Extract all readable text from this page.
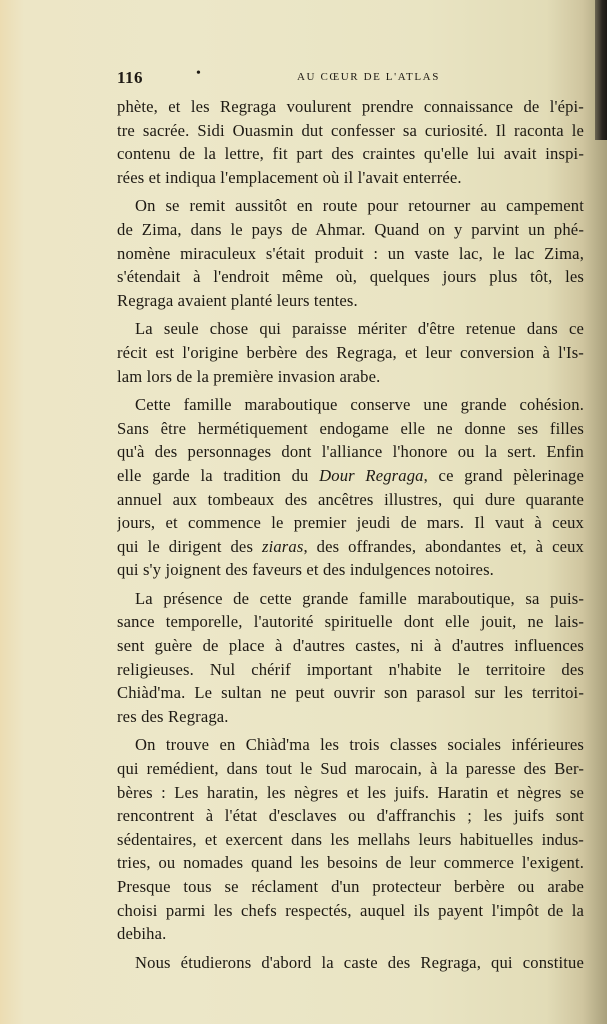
116	•	AU CŒUR DE L'ATLAS

phète, et les Regraga voulurent prendre connaissance de l'épi-
tre sacrée. Sidi Ouasmin dut confesser sa curiosité. Il raconta le
contenu de la lettre, fit part des craintes qu'elle lui avait inspi-
rées et indiqua l'emplacement où il l'avait enterrée.

On se remit aussitôt en route pour retourner au campement
de Zima, dans le pays de Ahmar. Quand on y parvint un phé-
nomène miraculeux s'était produit : un vaste lac, le lac Zima,
s'étendait à l'endroit même où, quelques jours plus tôt, les
Regraga avaient planté leurs tentes.

La seule chose qui paraisse mériter d'être retenue dans ce
récit est l'origine berbère des Regraga, et leur conversion à l'Is-
lam lors de la première invasion arabe.

Cette famille maraboutique conserve une grande cohésion.
Sans être hermétiquement endogame elle ne donne ses filles
qu'à des personnages dont l'alliance l'honore ou la sert. Enfin
elle garde la tradition du Dour Regraga, ce grand pèlerinage
annuel aux tombeaux des ancêtres illustres, qui dure quarante
jours, et commence le premier jeudi de mars. Il vaut à ceux
qui le dirigent des ziaras, des offrandes, abondantes et, à ceux
qui s'y joignent des faveurs et des indulgences notoires.

La présence de cette grande famille maraboutique, sa puis-
sance temporelle, l'autorité spirituelle dont elle jouit, ne lais-
sent guère de place à d'autres castes, ni à d'autres influences
religieuses. Nul chérif important n'habite le territoire des
Chiàd'ma. Le sultan ne peut ouvrir son parasol sur les territoi-
res des Regraga.

On trouve en Chiàd'ma les trois classes sociales inférieures
qui remédient, dans tout le Sud marocain, à la paresse des Ber-
bères : Les haratin, les nègres et les juifs. Haratin et nègres se
rencontrent à l'état d'esclaves ou d'affranchis ; les juifs sont
sédentaires, et exercent dans les mellahs leurs habituelles indus-
tries, ou nomades quand les besoins de leur commerce l'exigent.
Presque tous se réclament d'un protecteur berbère ou arabe
choisi parmi les chefs respectés, auquel ils payent l'impôt de la
debiha.

Nous étudierons d'abord la caste des Regraga, qui constitue
